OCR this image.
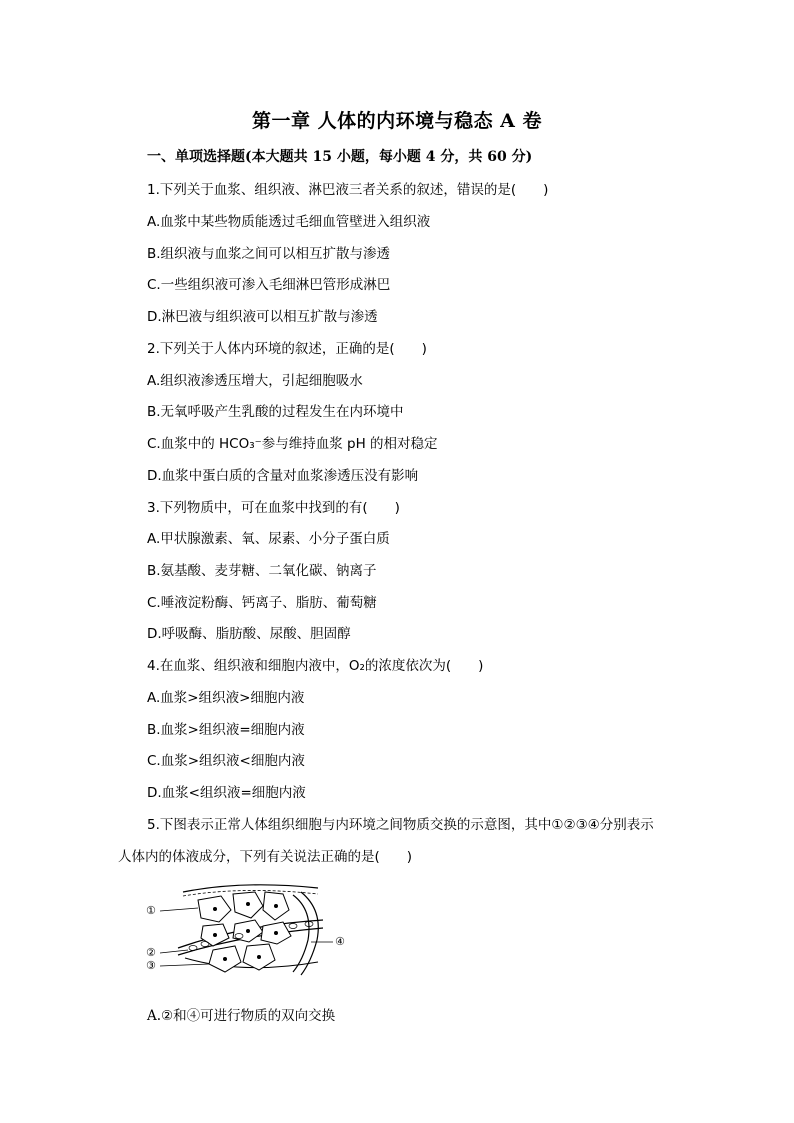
第一章 人体的内环境与稳态 A 卷
一、单项选择题(本大题共 15 小题，每小题 4 分，共 60 分)
1.下列关于血浆、组织液、淋巴液三者关系的叙述，错误的是(　　)
A.血浆中某些物质能透过毛细血管壁进入组织液
B.组织液与血浆之间可以相互扩散与渗透
C.一些组织液可渗入毛细淋巴管形成淋巴
D.淋巴液与组织液可以相互扩散与渗透
2.下列关于人体内环境的叙述，正确的是(　　)
A.组织液渗透压增大，引起细胞吸水
B.无氧呼吸产生乳酸的过程发生在内环境中
C.血浆中的 HCO₃⁻参与维持血浆 pH 的相对稳定
D.血浆中蛋白质的含量对血浆渗透压没有影响
3.下列物质中，可在血浆中找到的有(　　)
A.甲状腺激素、氧、尿素、小分子蛋白质
B.氨基酸、麦芽糖、二氧化碳、钠离子
C.唾液淀粉酶、钙离子、脂肪、葡萄糖
D.呼吸酶、脂肪酸、尿酸、胆固醇
4.在血浆、组织液和细胞内液中，O₂的浓度依次为(　　)
A.血浆>组织液>细胞内液
B.血浆>组织液=细胞内液
C.血浆>组织液<细胞内液
D.血浆<组织液=细胞内液
5.下图表示正常人体组织细胞与内环境之间物质交换的示意图，其中①②③④分别表示
人体内的体液成分，下列有关说法正确的是(　　)
①
②
③
④
A.②和④可进行物质的双向交换
